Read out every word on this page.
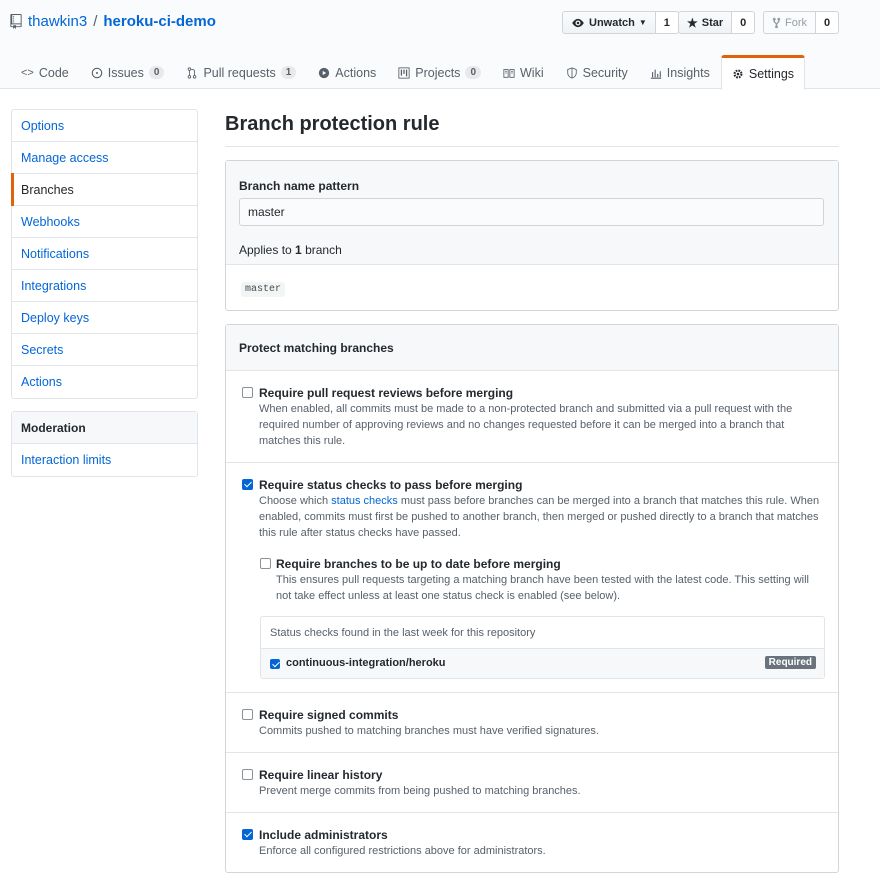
thawkin3 / heroku-ci-demo	Unwatch ▼	1	★ Star	0	Fork	0
<> Code	Issues	0	Pull requests	1	Actions	Projects	0	Wiki	Security	Insights	Settings
Options
Manage access
Branches
Webhooks
Notifications
Integrations
Deploy keys
Secrets
Actions
Moderation
Interaction limits
Branch protection rule
Branch name pattern
master
Applies to 1 branch
master
Protect matching branches
Require pull request reviews before merging
When enabled, all commits must be made to a non-protected branch and submitted via a pull request with the required number of approving reviews and no changes requested before it can be merged into a branch that matches this rule.
Require status checks to pass before merging
Choose which status checks must pass before branches can be merged into a branch that matches this rule. When enabled, commits must first be pushed to another branch, then merged or pushed directly to a branch that matches this rule after status checks have passed.
Require branches to be up to date before merging
This ensures pull requests targeting a matching branch have been tested with the latest code. This setting will not take effect unless at least one status check is enabled (see below).
Status checks found in the last week for this repository
continuous-integration/heroku	Required
Require signed commits
Commits pushed to matching branches must have verified signatures.
Require linear history
Prevent merge commits from being pushed to matching branches.
Include administrators
Enforce all configured restrictions above for administrators.
